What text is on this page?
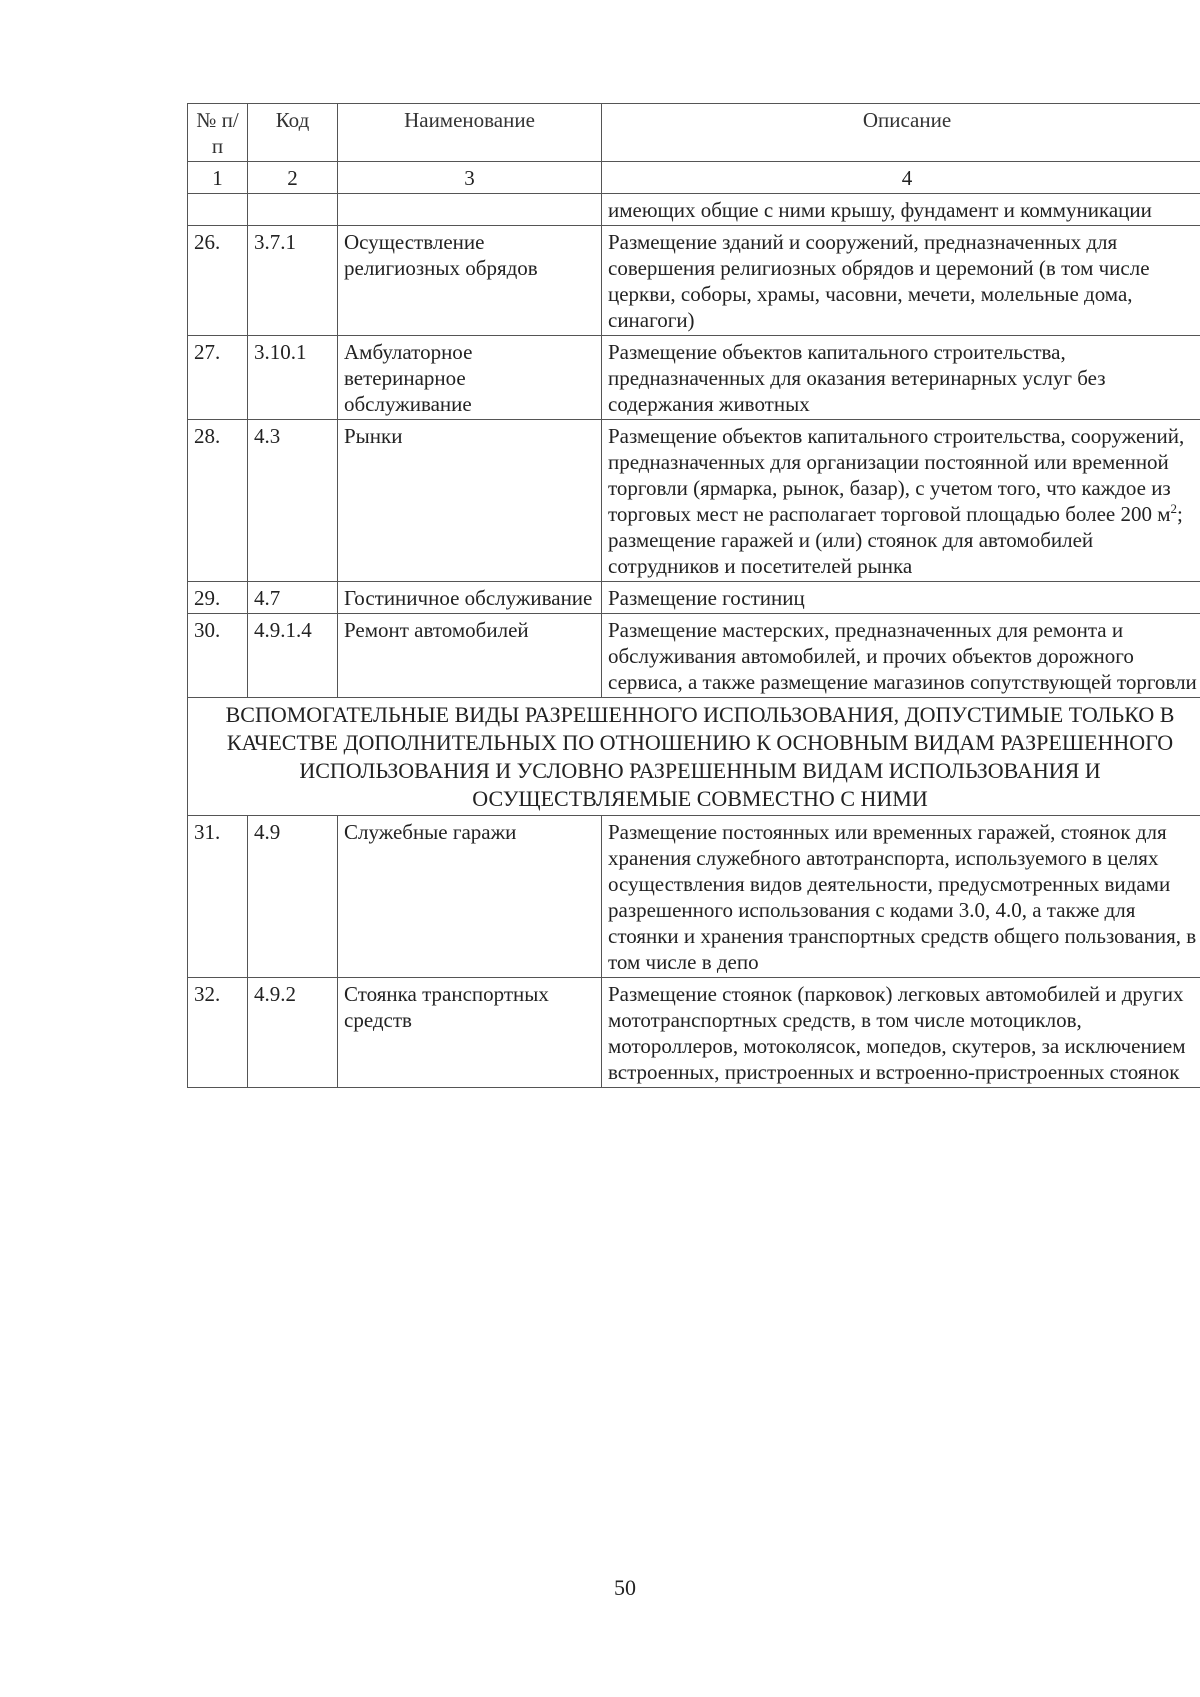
№ п/п	Код	Наименование	Описание
1	2	3	4
			имеющих общие с ними крышу, фундамент и коммуникации
26.	3.7.1	Осуществление религиозных обрядов	Размещение зданий и сооружений, предназначенных для совершения религиозных обрядов и церемоний (в том числе церкви, соборы, храмы, часовни, мечети, молельные дома, синагоги)
27.	3.10.1	Амбулаторное ветеринарное обслуживание	Размещение объектов капитального строительства, предназначенных для оказания ветеринарных услуг без содержания животных
28.	4.3	Рынки	Размещение объектов капитального строительства, сооружений, предназначенных для организации постоянной или временной торговли (ярмарка, рынок, базар), с учетом того, что каждое из торговых мест не располагает торговой площадью более 200 $м^2$; размещение гаражей и (или) стоянок для автомобилей сотрудников и посетителей рынка
29.	4.7	Гостиничное обслуживание	Размещение гостиниц
30.	4.9.1.4	Ремонт автомобилей	Размещение мастерских, предназначенных для ремонта и обслуживания автомобилей, и прочих объектов дорожного сервиса, а также размещение магазинов сопутствующей торговли
ВСПОМОГАТЕЛЬНЫЕ ВИДЫ РАЗРЕШЕННОГО ИСПОЛЬЗОВАНИЯ, ДОПУСТИМЫЕ ТОЛЬКО В КАЧЕСТВЕ ДОПОЛНИТЕЛЬНЫХ ПО ОТНОШЕНИЮ К ОСНОВНЫМ ВИДАМ РАЗРЕШЕННОГО ИСПОЛЬЗОВАНИЯ И УСЛОВНО РАЗРЕШЕННЫМ ВИДАМ ИСПОЛЬЗОВАНИЯ И ОСУЩЕСТВЛЯЕМЫЕ СОВМЕСТНО С НИМИ			
31.	4.9	Служебные гаражи	Размещение постоянных или временных гаражей, стоянок для хранения служебного автотранспорта, используемого в целях осуществления видов деятельности, предусмотренных видами разрешенного использования с кодами 3.0, 4.0, а также для стоянки и хранения транспортных средств общего пользования, в том числе в депо
32.	4.9.2	Стоянка транспортных средств	Размещение стоянок (парковок) легковых автомобилей и других мототранспортных средств, в том числе мотоциклов, мотороллеров, мотоколясок, мопедов, скутеров, за исключением встроенных, пристроенных и встроенно-пристроенных стоянок
50
